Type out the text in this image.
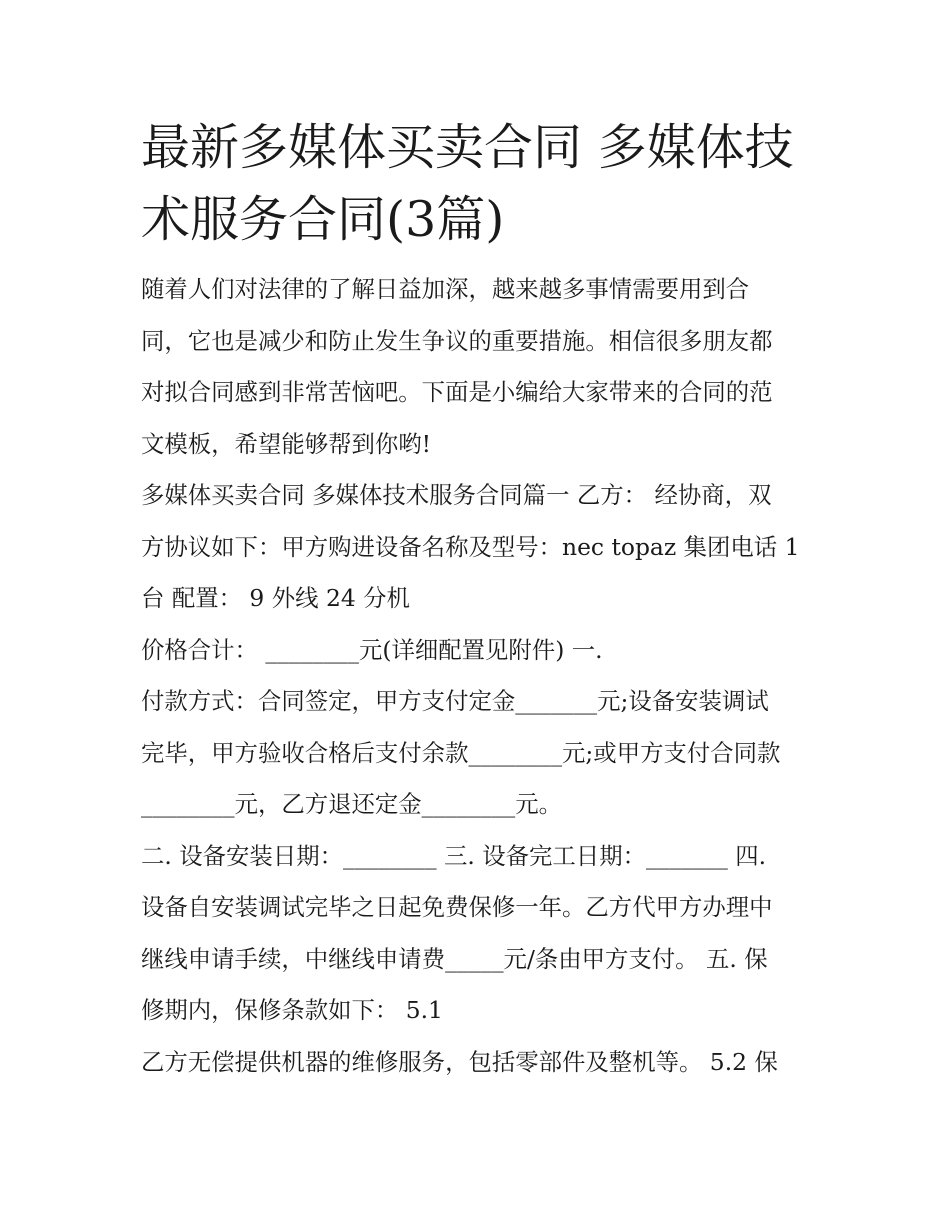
最新多媒体买卖合同 多媒体技
术服务合同(3篇)

随着人们对法律的了解日益加深，越来越多事情需要用到合
同，它也是减少和防止发生争议的重要措施。相信很多朋友都
对拟合同感到非常苦恼吧。下面是小编给大家带来的合同的范
文模板，希望能够帮到你哟!

多媒体买卖合同 多媒体技术服务合同篇一 乙方： 经协商，双
方协议如下：甲方购进设备名称及型号：nec topaz 集团电话 1
台 配置： 9 外线 24 分机

价格合计： ________元(详细配置见附件) 一.

付款方式：合同签定，甲方支付定金_______元;设备安装调试
完毕，甲方验收合格后支付余款________元;或甲方支付合同款
________元，乙方退还定金________元。

二. 设备安装日期：________ 三. 设备完工日期：_______ 四.
设备自安装调试完毕之日起免费保修一年。乙方代甲方办理中
继线申请手续，中继线申请费_____元/条由甲方支付。 五. 保
修期内，保修条款如下： 5.1

乙方无偿提供机器的维修服务，包括零部件及整机等。 5.2 保
